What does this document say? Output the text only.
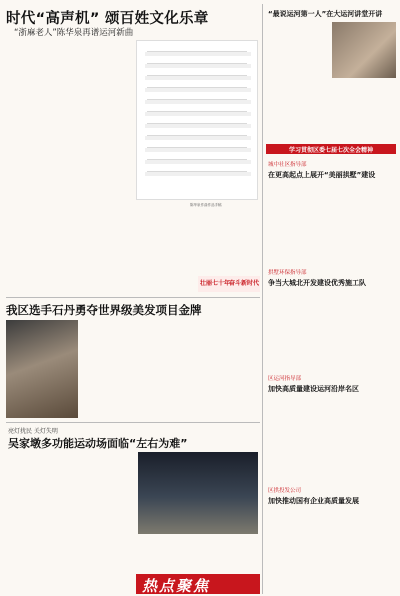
时代“高声机” 颂百姓文化乐章
“浙麻老人”陈华泉再谱运河新曲
陈华泉作曲作品手稿
壮丽七十年
奋斗新时代
“最说运河第一人”在大运河讲堂开讲
学习贯彻区委七届七次全会精神
城中社区指导部
在更高起点上展开“美丽拱墅”建设
拱墅环保指导部
争当大城北开发建设优秀施工队
区运河指导部
加快高质量建设运河沿岸名区
区拱投发公司
加快推动国有企业高质量发展
我区选手石丹勇夺世界级美发项目金牌
亮灯扰民 关灯失明
吴家墩多功能运动场面临“左右为难”
热点聚焦
